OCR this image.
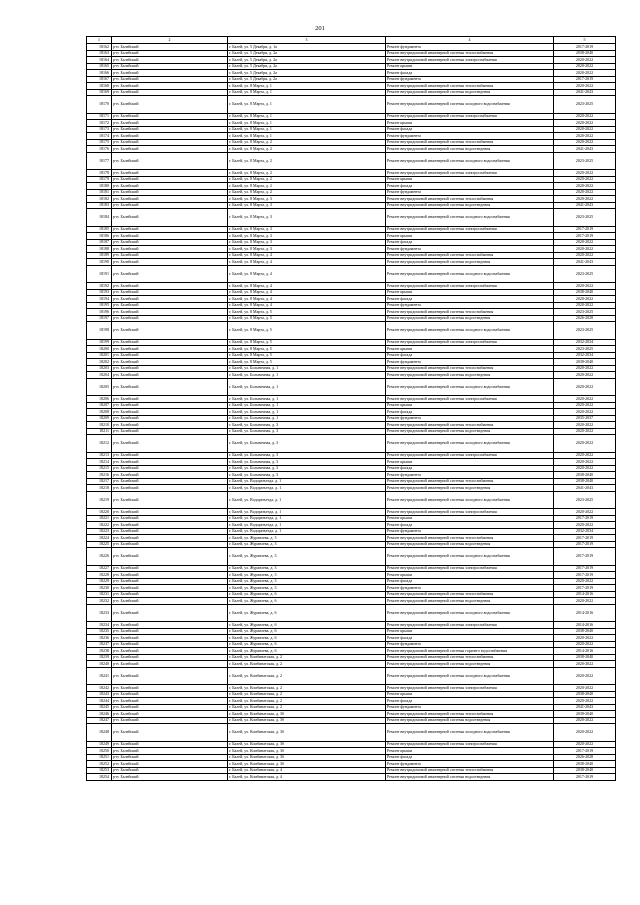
201
1	2	3	4	5
18162	р-н. Балейский	г. Балей, ул. 5 Декабря, д. 1а	Ремонт фундамента	2017-2019
18163	р-н. Балейский	г. Балей, ул. 5 Декабря, д. 2а	Ремонт внутридомовой инженерной системы теплоснабжения	2038-2040
18164	р-н. Балейский	г. Балей, ул. 5 Декабря, д. 2а	Ремонт внутридомовой инженерной системы электроснабжения	2020-2022
18165	р-н. Балейский	г. Балей, ул. 5 Декабря, д. 2а	Ремонт крыши	2020-2022
18166	р-н. Балейский	г. Балей, ул. 5 Декабря, д. 2а	Ремонт фасада	2020-2022
18167	р-н. Балейский	г. Балей, ул. 5 Декабря, д. 2а	Ремонт фундамента	2017-2019
18168	р-н. Балейский	г. Балей, ул. 8 Марта, д. 1	Ремонт внутридомовой инженерной системы теплоснабжения	2020-2022
18169	р-н. Балейский	г. Балей, ул. 8 Марта, д. 1	Ремонт внутридомовой инженерной системы водоотведения	2041-2043
18170	р-н. Балейский	г. Балей, ул. 8 Марта, д. 1	Ремонт внутридомовой инженерной системы холодного водоснабжения	2023-2025
18171	р-н. Балейский	г. Балей, ул. 8 Марта, д. 1	Ремонт внутридомовой инженерной системы электроснабжения	2020-2022
18172	р-н. Балейский	г. Балей, ул. 8 Марта, д. 1	Ремонт крыши	2020-2022
18173	р-н. Балейский	г. Балей, ул. 8 Марта, д. 1	Ремонт фасада	2020-2022
18174	р-н. Балейский	г. Балей, ул. 8 Марта, д. 1	Ремонт фундамента	2020-2022
18175	р-н. Балейский	г. Балей, ул. 8 Марта, д. 2	Ремонт внутридомовой инженерной системы теплоснабжения	2020-2022
18176	р-н. Балейский	г. Балей, ул. 8 Марта, д. 2	Ремонт внутридомовой инженерной системы водоотведения	2041-2043
18177	р-н. Балейский	г. Балей, ул. 8 Марта, д. 2	Ремонт внутридомовой инженерной системы холодного водоснабжения	2023-2025
18178	р-н. Балейский	г. Балей, ул. 8 Марта, д. 2	Ремонт внутридомовой инженерной системы электроснабжения	2020-2022
18179	р-н. Балейский	г. Балей, ул. 8 Марта, д. 2	Ремонт крыши	2020-2022
18180	р-н. Балейский	г. Балей, ул. 8 Марта, д. 2	Ремонт фасада	2020-2022
18181	р-н. Балейский	г. Балей, ул. 8 Марта, д. 2	Ремонт фундамента	2020-2022
18182	р-н. Балейский	г. Балей, ул. 8 Марта, д. 3	Ремонт внутридомовой инженерной системы теплоснабжения	2020-2022
18183	р-н. Балейский	г. Балей, ул. 8 Марта, д. 3	Ремонт внутридомовой инженерной системы водоотведения	2041-2043
18184	р-н. Балейский	г. Балей, ул. 8 Марта, д. 3	Ремонт внутридомовой инженерной системы холодного водоснабжения	2023-2025
18185	р-н. Балейский	г. Балей, ул. 8 Марта, д. 3	Ремонт внутридомовой инженерной системы электроснабжения	2017-2019
18186	р-н. Балейский	г. Балей, ул. 8 Марта, д. 3	Ремонт крыши	2017-2019
18187	р-н. Балейский	г. Балей, ул. 8 Марта, д. 3	Ремонт фасада	2020-2022
18188	р-н. Балейский	г. Балей, ул. 8 Марта, д. 3	Ремонт фундамента	2020-2022
18189	р-н. Балейский	г. Балей, ул. 8 Марта, д. 4	Ремонт внутридомовой инженерной системы теплоснабжения	2020-2022
18190	р-н. Балейский	г. Балей, ул. 8 Марта, д. 4	Ремонт внутридомовой инженерной системы водоотведения	2041-2043
18191	р-н. Балейский	г. Балей, ул. 8 Марта, д. 4	Ремонт внутридомовой инженерной системы холодного водоснабжения	2023-2025
18192	р-н. Балейский	г. Балей, ул. 8 Марта, д. 4	Ремонт внутридомовой инженерной системы электроснабжения	2020-2022
18193	р-н. Балейский	г. Балей, ул. 8 Марта, д. 4	Ремонт крыши	2038-2040
18194	р-н. Балейский	г. Балей, ул. 8 Марта, д. 4	Ремонт фасада	2020-2022
18195	р-н. Балейский	г. Балей, ул. 8 Марта, д. 4	Ремонт фундамента	2020-2022
18196	р-н. Балейский	г. Балей, ул. 8 Марта, д. 5	Ремонт внутридомовой инженерной системы теплоснабжения	2023-2025
18197	р-н. Балейский	г. Балей, ул. 8 Марта, д. 5	Ремонт внутридомовой инженерной системы водоотведения	2026-2028
18198	р-н. Балейский	г. Балей, ул. 8 Марта, д. 5	Ремонт внутридомовой инженерной системы холодного водоснабжения	2023-2025
18199	р-н. Балейский	г. Балей, ул. 8 Марта, д. 5	Ремонт внутридомовой инженерной системы электроснабжения	2032-2034
18200	р-н. Балейский	г. Балей, ул. 8 Марта, д. 5	Ремонт крыши	2023-2025
18201	р-н. Балейский	г. Балей, ул. 8 Марта, д. 5	Ремонт фасада	2032-2034
18202	р-н. Балейский	г. Балей, ул. 8 Марта, д. 5	Ремонт фундамента	2038-2040
18203	р-н. Балейский	г. Балей, ул. Больничная, д. 1	Ремонт внутридомовой инженерной системы теплоснабжения	2020-2022
18204	р-н. Балейский	г. Балей, ул. Больничная, д. 1	Ремонт внутридомовой инженерной системы водоотведения	2020-2022
18205	р-н. Балейский	г. Балей, ул. Больничная, д. 1	Ремонт внутридомовой инженерной системы холодного водоснабжения	2020-2022
18206	р-н. Балейский	г. Балей, ул. Больничная, д. 1	Ремонт внутридомовой инженерной системы электроснабжения	2020-2022
18207	р-н. Балейский	г. Балей, ул. Больничная, д. 1	Ремонт крыши	2020-2022
18208	р-н. Балейский	г. Балей, ул. Больничная, д. 1	Ремонт фасада	2020-2022
18209	р-н. Балейский	г. Балей, ул. Больничная, д. 1	Ремонт фундамента	2035-2037
18210	р-н. Балейский	г. Балей, ул. Больничная, д. 3	Ремонт внутридомовой инженерной системы теплоснабжения	2020-2022
18211	р-н. Балейский	г. Балей, ул. Больничная, д. 3	Ремонт внутридомовой инженерной системы водоотведения	2020-2022
18212	р-н. Балейский	г. Балей, ул. Больничная, д. 3	Ремонт внутридомовой инженерной системы холодного водоснабжения	2020-2022
18213	р-н. Балейский	г. Балей, ул. Больничная, д. 3	Ремонт внутридомовой инженерной системы электроснабжения	2020-2022
18214	р-н. Балейский	г. Балей, ул. Больничная, д. 3	Ремонт крыши	2020-2022
18215	р-н. Балейский	г. Балей, ул. Больничная, д. 3	Ремонт фасада	2020-2022
18216	р-н. Балейский	г. Балей, ул. Больничная, д. 3	Ремонт фундамента	2038-2040
18217	р-н. Балейский	г. Балей, ул. Водоразъезда, д. 1	Ремонт внутридомовой инженерной системы теплоснабжения	2038-2040
18218	р-н. Балейский	г. Балей, ул. Водоразъезда, д. 1	Ремонт внутридомовой инженерной системы водоотведения	2041-2043
18219	р-н. Балейский	г. Балей, ул. Водоразъезда, д. 1	Ремонт внутридомовой инженерной системы холодного водоснабжения	2023-2025
18220	р-н. Балейский	г. Балей, ул. Водоразъезда, д. 1	Ремонт внутридомовой инженерной системы электроснабжения	2020-2022
18221	р-н. Балейский	г. Балей, ул. Водоразъезда, д. 1	Ремонт крыши	2017-2019
18222	р-н. Балейский	г. Балей, ул. Водоразъезда, д. 1	Ремонт фасада	2020-2022
18223	р-н. Балейский	г. Балей, ул. Водоразъезда, д. 1	Ремонт фундамента	2032-2034
18224	р-н. Балейский	г. Балей, ул. Журавлева, д. 3	Ремонт внутридомовой инженерной системы теплоснабжения	2017-2019
18225	р-н. Балейский	г. Балей, ул. Журавлева, д. 3	Ремонт внутридомовой инженерной системы водоотведения	2017-2019
18226	р-н. Балейский	г. Балей, ул. Журавлева, д. 3	Ремонт внутридомовой инженерной системы холодного водоснабжения	2017-2019
18227	р-н. Балейский	г. Балей, ул. Журавлева, д. 3	Ремонт внутридомовой инженерной системы электроснабжения	2017-2019
18228	р-н. Балейский	г. Балей, ул. Журавлева, д. 3	Ремонт крыши	2017-2019
18229	р-н. Балейский	г. Балей, ул. Журавлева, д. 3	Ремонт фасада	2020-2022
18230	р-н. Балейский	г. Балей, ул. Журавлева, д. 3	Ремонт фундамента	2017-2019
18231	р-н. Балейский	г. Балей, ул. Журавлева, д. 6	Ремонт внутридомовой инженерной системы теплоснабжения	2014-2016
18232	р-н. Балейский	г. Балей, ул. Журавлева, д. 6	Ремонт внутридомовой инженерной системы водоотведения	2020-2022
18233	р-н. Балейский	г. Балей, ул. Журавлева, д. 6	Ремонт внутридомовой инженерной системы холодного водоснабжения	2014-2016
18234	р-н. Балейский	г. Балей, ул. Журавлева, д. 6	Ремонт внутридомовой инженерной системы электроснабжения	2014-2016
18235	р-н. Балейский	г. Балей, ул. Журавлева, д. 6	Ремонт крыши	2038-2040
18236	р-н. Балейский	г. Балей, ул. Журавлева, д. 6	Ремонт фасада	2020-2022
18237	р-н. Балейский	г. Балей, ул. Журавлева, д. 6	Ремонт фундамента	2020-2022
18238	р-н. Балейский	г. Балей, ул. Журавлева, д. 6	Ремонт внутридомовой инженерной системы горячего водоснабжения	2014-2016
18239	р-н. Балейский	г. Балей, ул. Комбинатская, д. 2	Ремонт внутридомовой инженерной системы теплоснабжения	2038-2040
18240	р-н. Балейский	г. Балей, ул. Комбинатская, д. 2	Ремонт внутридомовой инженерной системы водоотведения	2020-2022
18241	р-н. Балейский	г. Балей, ул. Комбинатская, д. 2	Ремонт внутридомовой инженерной системы холодного водоснабжения	2020-2022
18242	р-н. Балейский	г. Балей, ул. Комбинатская, д. 2	Ремонт внутридомовой инженерной системы электроснабжения	2020-2022
18243	р-н. Балейский	г. Балей, ул. Комбинатская, д. 2	Ремонт крыши	2038-2040
18244	р-н. Балейский	г. Балей, ул. Комбинатская, д. 2	Ремонт фасада	2020-2022
18245	р-н. Балейский	г. Балей, ул. Комбинатская, д. 2	Ремонт фундамента	2041-2043
18246	р-н. Балейский	г. Балей, ул. Комбинатская, д. 3б	Ремонт внутридомовой инженерной системы теплоснабжения	2038-2040
18247	р-н. Балейский	г. Балей, ул. Комбинатская, д. 3б	Ремонт внутридомовой инженерной системы водоотведения	2020-2022
18248	р-н. Балейский	г. Балей, ул. Комбинатская, д. 3б	Ремонт внутридомовой инженерной системы холодного водоснабжения	2020-2022
18249	р-н. Балейский	г. Балей, ул. Комбинатская, д. 3б	Ремонт внутридомовой инженерной системы электроснабжения	2020-2022
18250	р-н. Балейский	г. Балей, ул. Комбинатская, д. 3б	Ремонт крыши	2017-2019
18251	р-н. Балейский	г. Балей, ул. Комбинатская, д. 3б	Ремонт фасада	2026-2028
18252	р-н. Балейский	г. Балей, ул. Комбинатская, д. 3б	Ремонт фундамента	2038-2040
18253	р-н. Балейский	г. Балей, ул. Комбинатская, д. 4	Ремонт внутридомовой инженерной системы теплоснабжения	2038-2040
18254	р-н. Балейский	г. Балей, ул. Комбинатская, д. 4	Ремонт внутридомовой инженерной системы водоотведения	2017-2019
